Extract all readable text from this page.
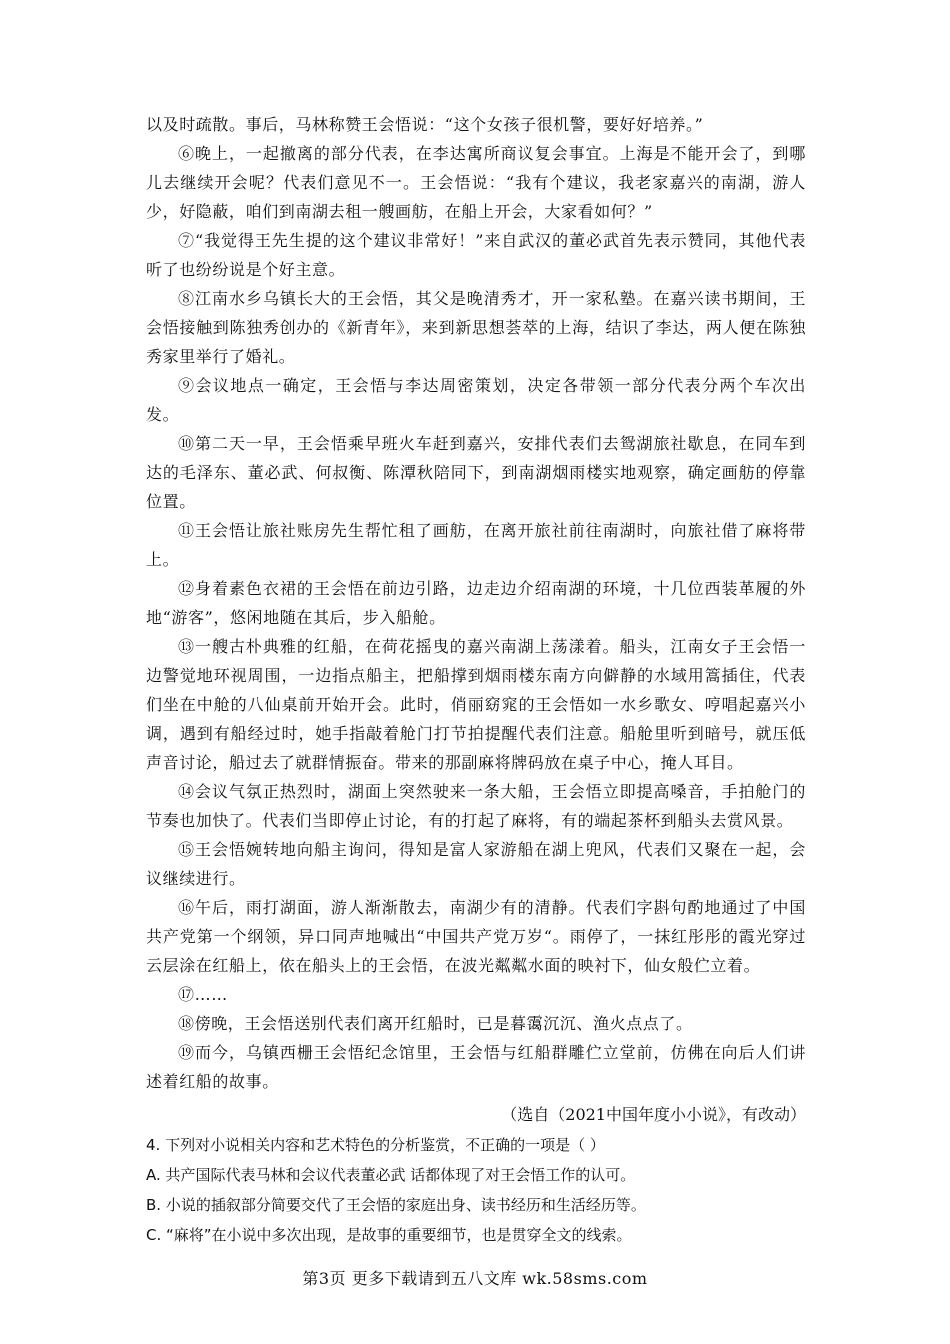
以及时疏散。事后，马林称赞王会悟说：“这个女孩子很机警，要好好培养。”

⑥晚上，一起撤离的部分代表，在李达寓所商议复会事宜。上海是不能开会了，到哪儿去继续开会呢？代表们意见不一。王会悟说：“我有个建议，我老家嘉兴的南湖，游人少，好隐蔽，咱们到南湖去租一艘画舫，在船上开会，大家看如何？”

⑦“我觉得王先生提的这个建议非常好！”来自武汉的董必武首先表示赞同，其他代表听了也纷纷说是个好主意。

⑧江南水乡乌镇长大的王会悟，其父是晚清秀才，开一家私塾。在嘉兴读书期间，王会悟接触到陈独秀创办的《新青年》，来到新思想荟萃的上海，结识了李达，两人便在陈独秀家里举行了婚礼。

⑨会议地点一确定，王会悟与李达周密策划，决定各带领一部分代表分两个车次出发。

⑩第二天一早，王会悟乘早班火车赶到嘉兴，安排代表们去鸳湖旅社歇息，在同车到达的毛泽东、董必武、何叔衡、陈潭秋陪同下，到南湖烟雨楼实地观察，确定画舫的停靠位置。

⑪王会悟让旅社账房先生帮忙租了画舫，在离开旅社前往南湖时，向旅社借了麻将带上。

⑫身着素色衣裙的王会悟在前边引路，边走边介绍南湖的环境，十几位西装革履的外地“游客”，悠闲地随在其后，步入船舱。

⑬一艘古朴典雅的红船，在荷花摇曳的嘉兴南湖上荡漾着。船头，江南女子王会悟一边警觉地环视周围，一边指点船主，把船撑到烟雨楼东南方向僻静的水域用篙插住，代表们坐在中舱的八仙桌前开始开会。此时，俏丽窈窕的王会悟如一水乡歌女、哼唱起嘉兴小调，遇到有船经过时，她手指敲着舱门打节拍提醒代表们注意。船舱里听到暗号，就压低声音讨论，船过去了就群情振奋。带来的那副麻将牌码放在桌子中心，掩人耳目。

⑭会议气氛正热烈时，湖面上突然驶来一条大船，王会悟立即提高嗓音，手拍舱门的节奏也加快了。代表们当即停止讨论，有的打起了麻将，有的端起茶杯到船头去赏风景。

⑮王会悟婉转地向船主询问，得知是富人家游船在湖上兜风，代表们又聚在一起，会议继续进行。

⑯午后，雨打湖面，游人渐渐散去，南湖少有的清静。代表们字斟句酌地通过了中国共产党第一个纲领，异口同声地喊出“中国共产党万岁“。雨停了，一抹红彤彤的霞光穿过云层涂在红船上，依在船头上的王会悟，在波光粼粼水面的映衬下，仙女般伫立着。

⑰……

⑱傍晚，王会悟送别代表们离开红船时，已是暮霭沉沉、渔火点点了。

⑲而今，乌镇西栅王会悟纪念馆里，王会悟与红船群雕伫立堂前，仿佛在向后人们讲述着红船的故事。

（选自（2021中国年度小小说》，有改动）

4. 下列对小说相关内容和艺术特色的分析鉴赏，不正确的一项是（ ）

A. 共产国际代表马林和会议代表董必武 话都体现了对王会悟工作的认可。

B. 小说的插叙部分简要交代了王会悟的家庭出身、读书经历和生活经历等。

C. “麻将”在小说中多次出现，是故事的重要细节，也是贯穿全文的线索。

第3页 更多下载请到五八文库 wk.58sms.com
